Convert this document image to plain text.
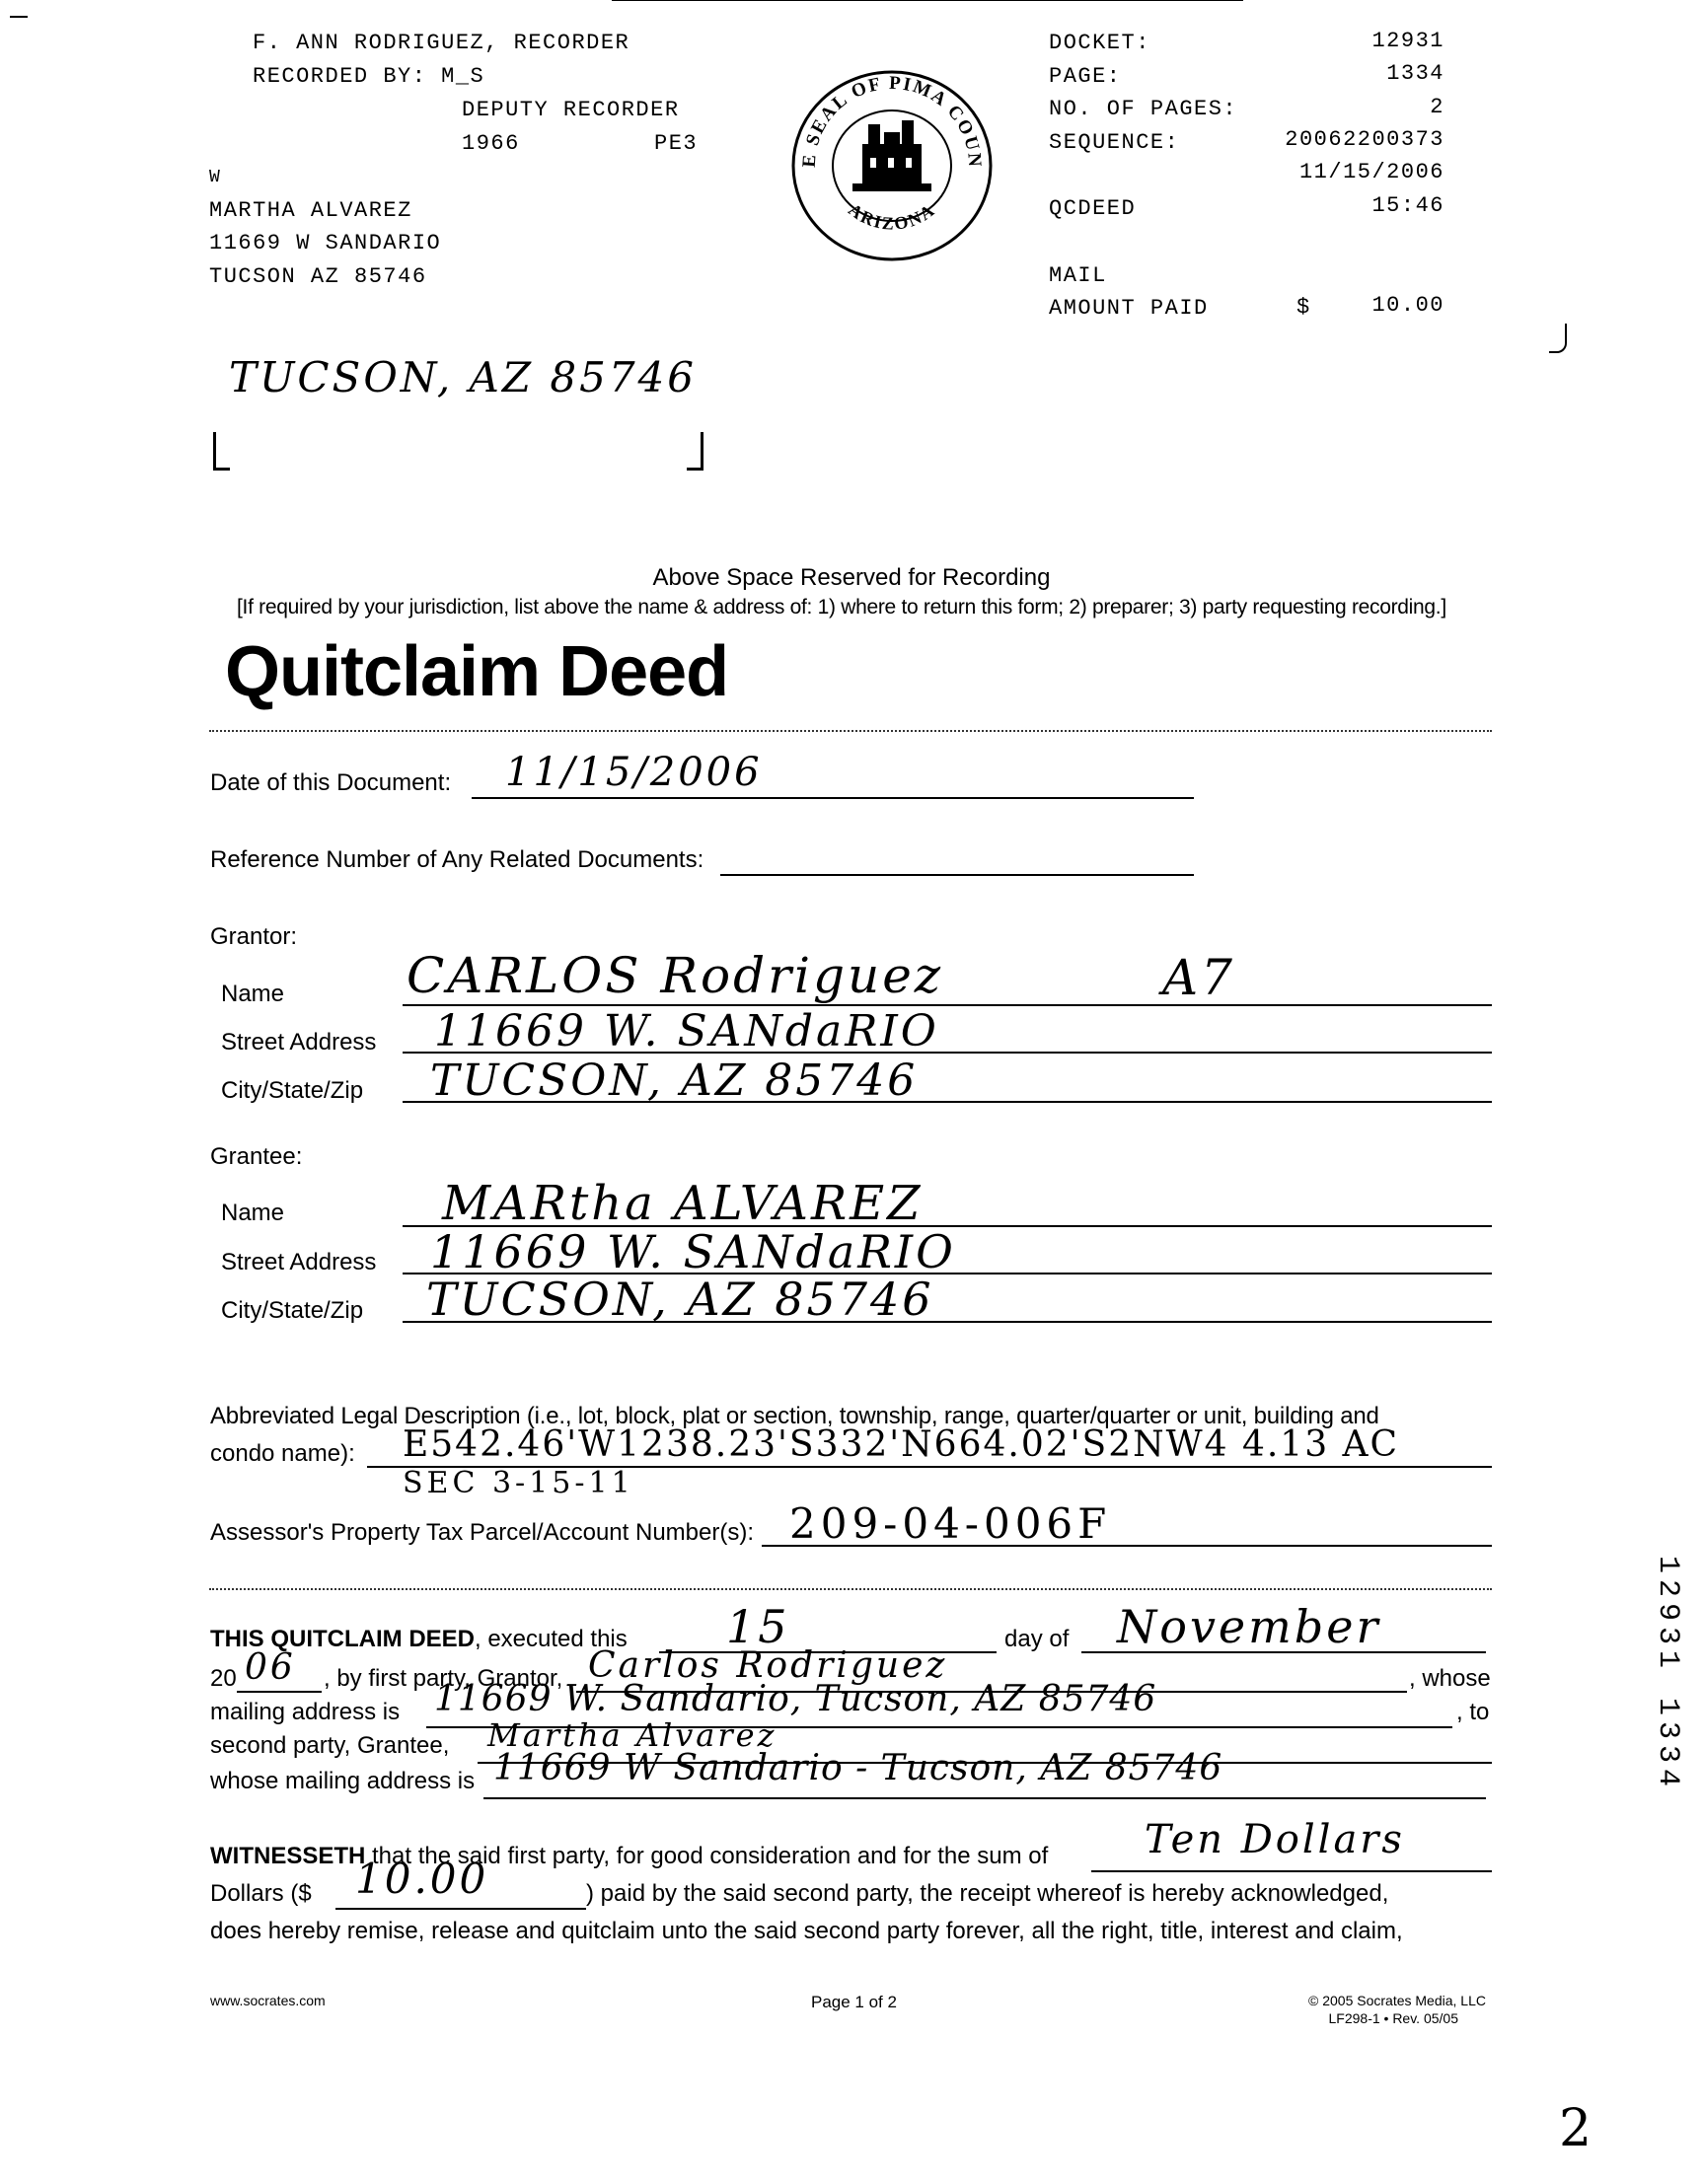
F. ANN RODRIGUEZ, RECORDER
RECORDED BY: M_S
DEPUTY RECORDER
1966	PE3
W
MARTHA ALVAREZ
11669 W SANDARIO
TUCSON AZ 85746
E SEAL OF PIMA COUN
ARIZONA
DOCKET:	12931
PAGE:	1334
NO. OF PAGES:	2
SEQUENCE:	20062200373
11/15/2006
QCDEED	15:46
MAIL
AMOUNT PAID	$	10.00
TUCSON, AZ 85746
Above Space Reserved for Recording
[If required by your jurisdiction, list above the name & address of: 1) where to return this form; 2) preparer; 3) party requesting recording.]
Quitclaim Deed
Date of this Document: 11/15/2006
Reference Number of Any Related Documents:
Grantor:
Name CARLOS Rodriguez	A7
Street Address 11669 W. SANdaRIO
City/State/Zip TUCSON, AZ 85746
Grantee:
Name	MARtha ALVAREZ
Street Address 11669 W. SANdaRIO
City/State/Zip TUCSON, AZ 85746
Abbreviated Legal Description (i.e., lot, block, plat or section, township, range, quarter/quarter or unit, building and
condo name): E542.46'W1238.23'S332'N664.02'S2NW4 4.13 AC
SEC 3-15-11
Assessor's Property Tax Parcel/Account Number(s): 209-04-006F
THIS QUITCLAIM DEED, executed this 15	day of November
20 06 , by first party, Grantor, Carlos Rodriguez	, whose
mailing address is 11669 W. Sandario, Tucson, AZ 85746	, to
second party, Grantee, Martha Alvarez
whose mailing address is 11669 W Sandario - Tucson, AZ 85746
WITNESSETH that the said first party, for good consideration and for the sum of Ten Dollars
Dollars ($ 10.00	) paid by the said second party, the receipt whereof is hereby acknowledged,
does hereby remise, release and quitclaim unto the said second party forever, all the right, title, interest and claim,
www.socrates.com	Page 1 of 2	© 2005 Socrates Media, LLC
LF298-1 • Rev. 05/05
12931 1334
2
